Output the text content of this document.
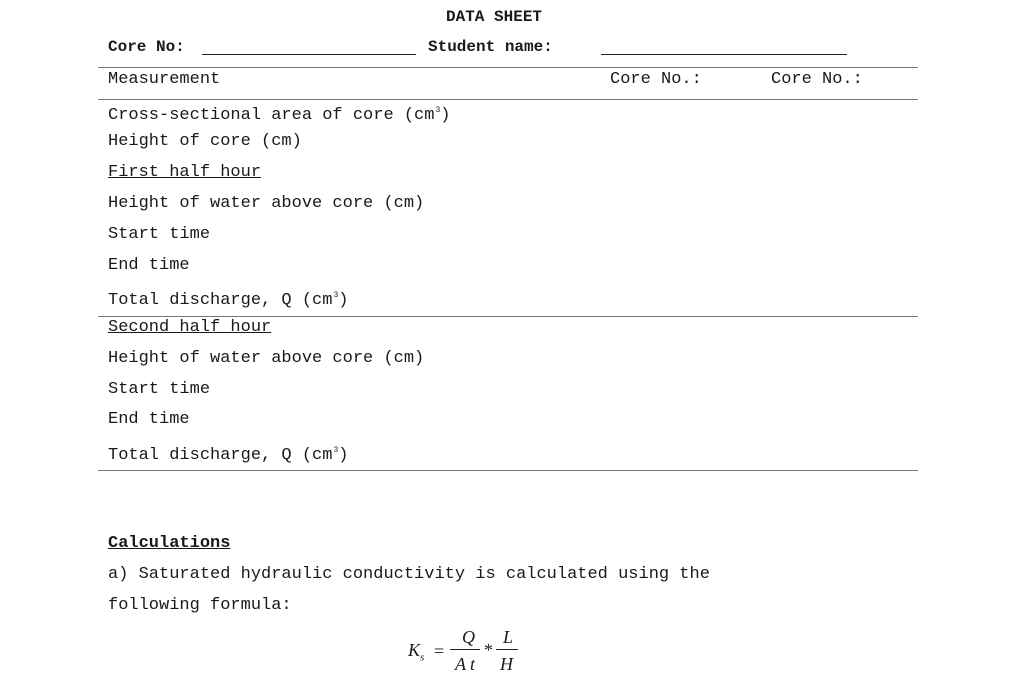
DATA SHEET
Core No:	Student name:
Measurement	Core No.:	Core No.:
Cross-sectional area of core $(cm^3)$
Height of core (cm)
First half hour
Height of water above core (cm)
Start time
End time
Total discharge, Q $(cm^3)$
Second half hour
Height of water above core (cm)
Start time
End time
Total discharge, Q $(cm^3)$
Calculations
a) Saturated hydraulic conductivity is calculated using the
following formula:
$K_s$ =
Q
At
*
L
H
